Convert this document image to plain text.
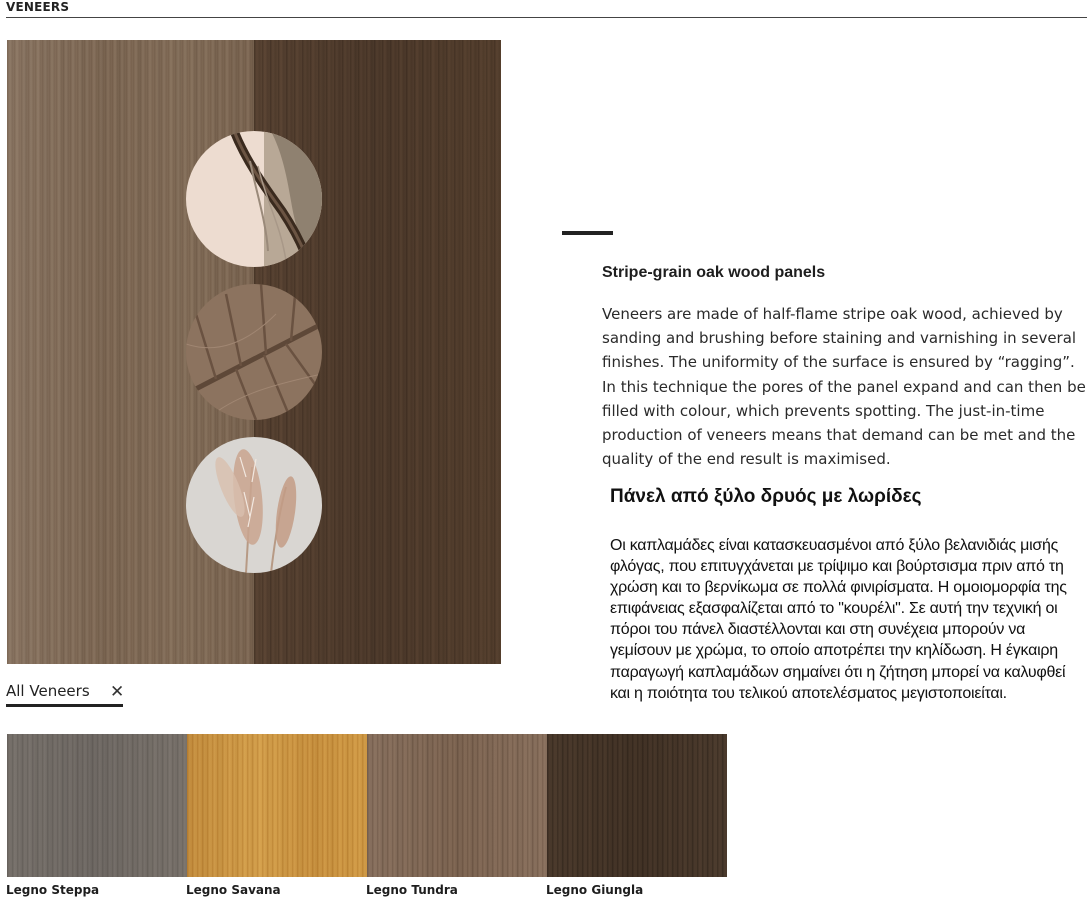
VENEERS
Stripe-grain oak wood panels

Veneers are made of half-flame stripe oak wood, achieved by sanding and brushing before staining and varnishing in several finishes. The uniformity of the surface is ensured by “ragging”. In this technique the pores of the panel expand and can then be filled with colour, which prevents spotting. The just-in-time production of veneers means that demand can be met and the quality of the end result is maximised.

Πάνελ από ξύλο δρυός με λωρίδες

Οι καπλαμάδες είναι κατασκευασμένοι από ξύλο βελανιδιάς μισής φλόγας, που επιτυγχάνεται με τρίψιμο και βούρτσισμα πριν από τη χρώση και το βερνίκωμα σε πολλά φινιρίσματα. Η ομοιομορφία της επιφάνειας εξασφαλίζεται από το "κουρέλι". Σε αυτή την τεχνική οι πόροι του πάνελ διαστέλλονται και στη συνέχεια μπορούν να γεμίσουν με χρώμα, το οποίο αποτρέπει την κηλίδωση. Η έγκαιρη παραγωγή καπλαμάδων σημαίνει ότι η ζήτηση μπορεί να καλυφθεί και η ποιότητα του τελικού αποτελέσματος μεγιστοποιείται.

All Veneers ✕
Legno Steppa	Legno Savana	Legno Tundra	Legno Giungla
